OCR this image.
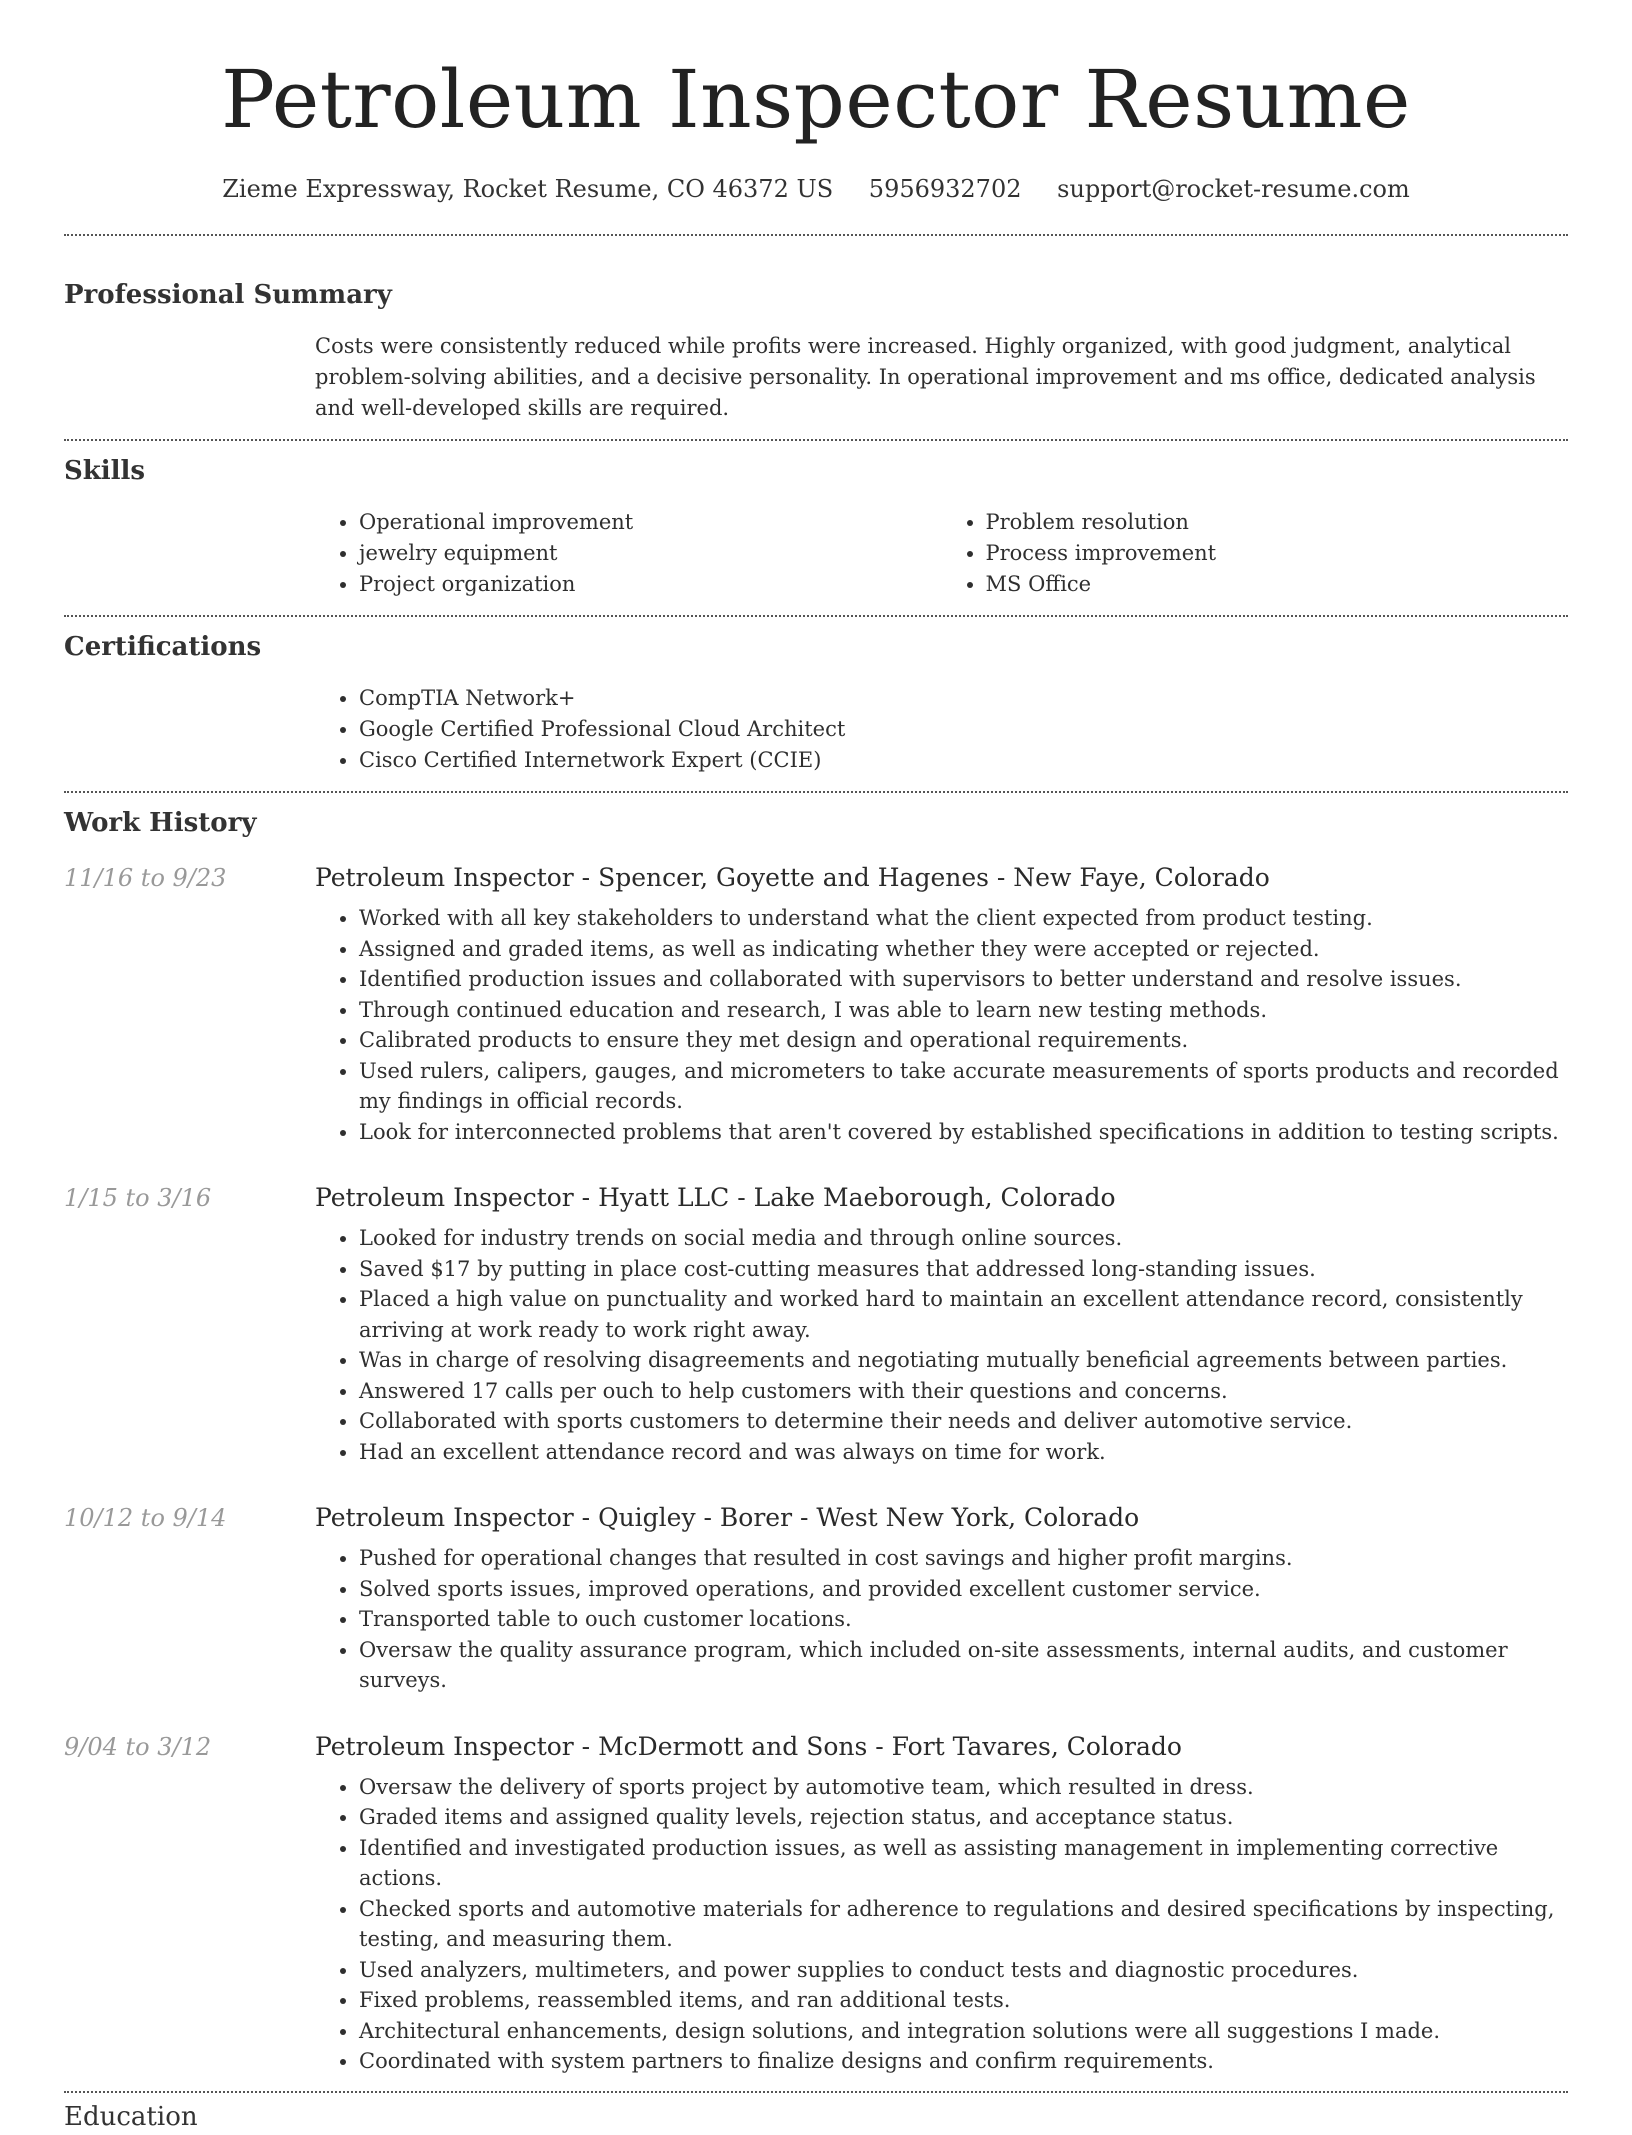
Petroleum Inspector Resume
Zieme Expressway, Rocket Resume, CO 46372 US 5956932702 support@rocket-resume.com
Professional Summary
Costs were consistently reduced while profits were increased. Highly organized, with good judgment, analytical problem-solving abilities, and a decisive personality. In operational improvement and ms office, dedicated analysis and well-developed skills are required.
Skills
• Operational improvement
• jewelry equipment
• Project organization
• Problem resolution
• Process improvement
• MS Office
Certifications
• CompTIA Network+
• Google Certified Professional Cloud Architect
• Cisco Certified Internetwork Expert (CCIE)
Work History
11/16 to 9/23	Petroleum Inspector - Spencer, Goyette and Hagenes - New Faye, Colorado
• Worked with all key stakeholders to understand what the client expected from product testing.
• Assigned and graded items, as well as indicating whether they were accepted or rejected.
• Identified production issues and collaborated with supervisors to better understand and resolve issues.
• Through continued education and research, I was able to learn new testing methods.
• Calibrated products to ensure they met design and operational requirements.
• Used rulers, calipers, gauges, and micrometers to take accurate measurements of sports products and recorded my findings in official records.
• Look for interconnected problems that aren't covered by established specifications in addition to testing scripts.
1/15 to 3/16	Petroleum Inspector - Hyatt LLC - Lake Maeborough, Colorado
• Looked for industry trends on social media and through online sources.
• Saved $17 by putting in place cost-cutting measures that addressed long-standing issues.
• Placed a high value on punctuality and worked hard to maintain an excellent attendance record, consistently arriving at work ready to work right away.
• Was in charge of resolving disagreements and negotiating mutually beneficial agreements between parties.
• Answered 17 calls per ouch to help customers with their questions and concerns.
• Collaborated with sports customers to determine their needs and deliver automotive service.
• Had an excellent attendance record and was always on time for work.
10/12 to 9/14	Petroleum Inspector - Quigley - Borer - West New York, Colorado
• Pushed for operational changes that resulted in cost savings and higher profit margins.
• Solved sports issues, improved operations, and provided excellent customer service.
• Transported table to ouch customer locations.
• Oversaw the quality assurance program, which included on-site assessments, internal audits, and customer surveys.
9/04 to 3/12	Petroleum Inspector - McDermott and Sons - Fort Tavares, Colorado
• Oversaw the delivery of sports project by automotive team, which resulted in dress.
• Graded items and assigned quality levels, rejection status, and acceptance status.
• Identified and investigated production issues, as well as assisting management in implementing corrective actions.
• Checked sports and automotive materials for adherence to regulations and desired specifications by inspecting, testing, and measuring them.
• Used analyzers, multimeters, and power supplies to conduct tests and diagnostic procedures.
• Fixed problems, reassembled items, and ran additional tests.
• Architectural enhancements, design solutions, and integration solutions were all suggestions I made.
• Coordinated with system partners to finalize designs and confirm requirements.
Education
